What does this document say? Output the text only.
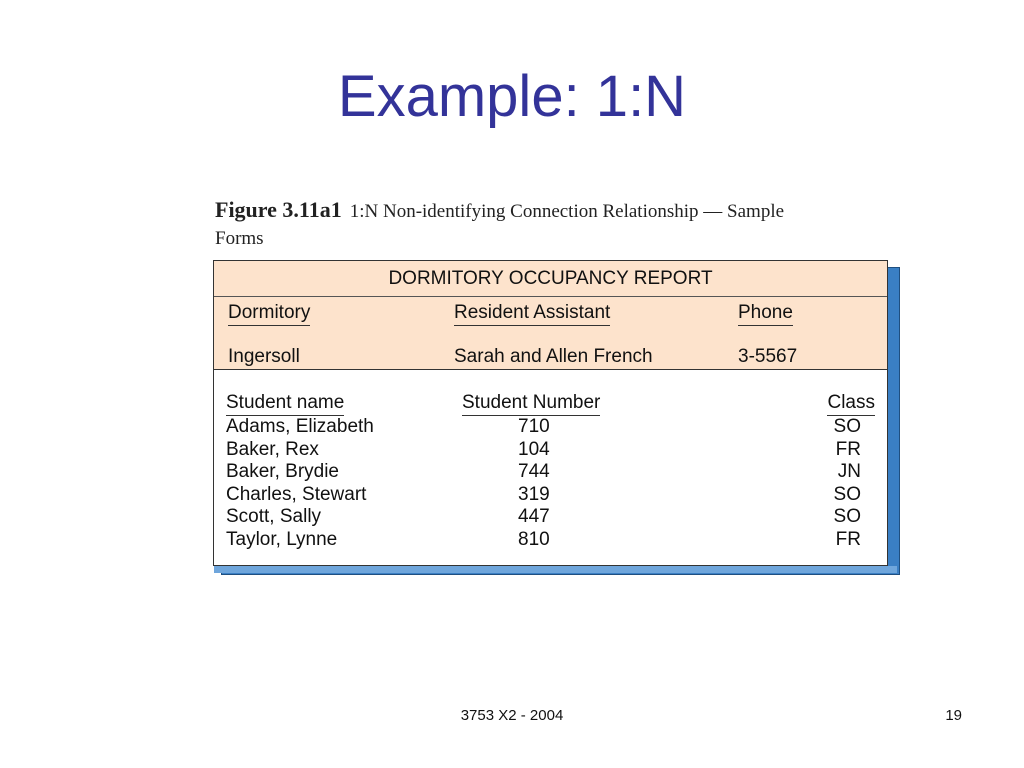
Example: 1:N
Figure 3.11a1 1:N Non-identifying Connection Relationship — Sample Forms
DORMITORY OCCUPANCY REPORT
Dormitory	Resident Assistant	Phone
Ingersoll	Sarah and Allen French	3-5567
Student name	Student Number	Class
Adams, Elizabeth	710	SO
Baker, Rex	104	FR
Baker, Brydie	744	JN
Charles, Stewart	319	SO
Scott, Sally	447	SO
Taylor, Lynne	810	FR
3753 X2 - 2004	19
